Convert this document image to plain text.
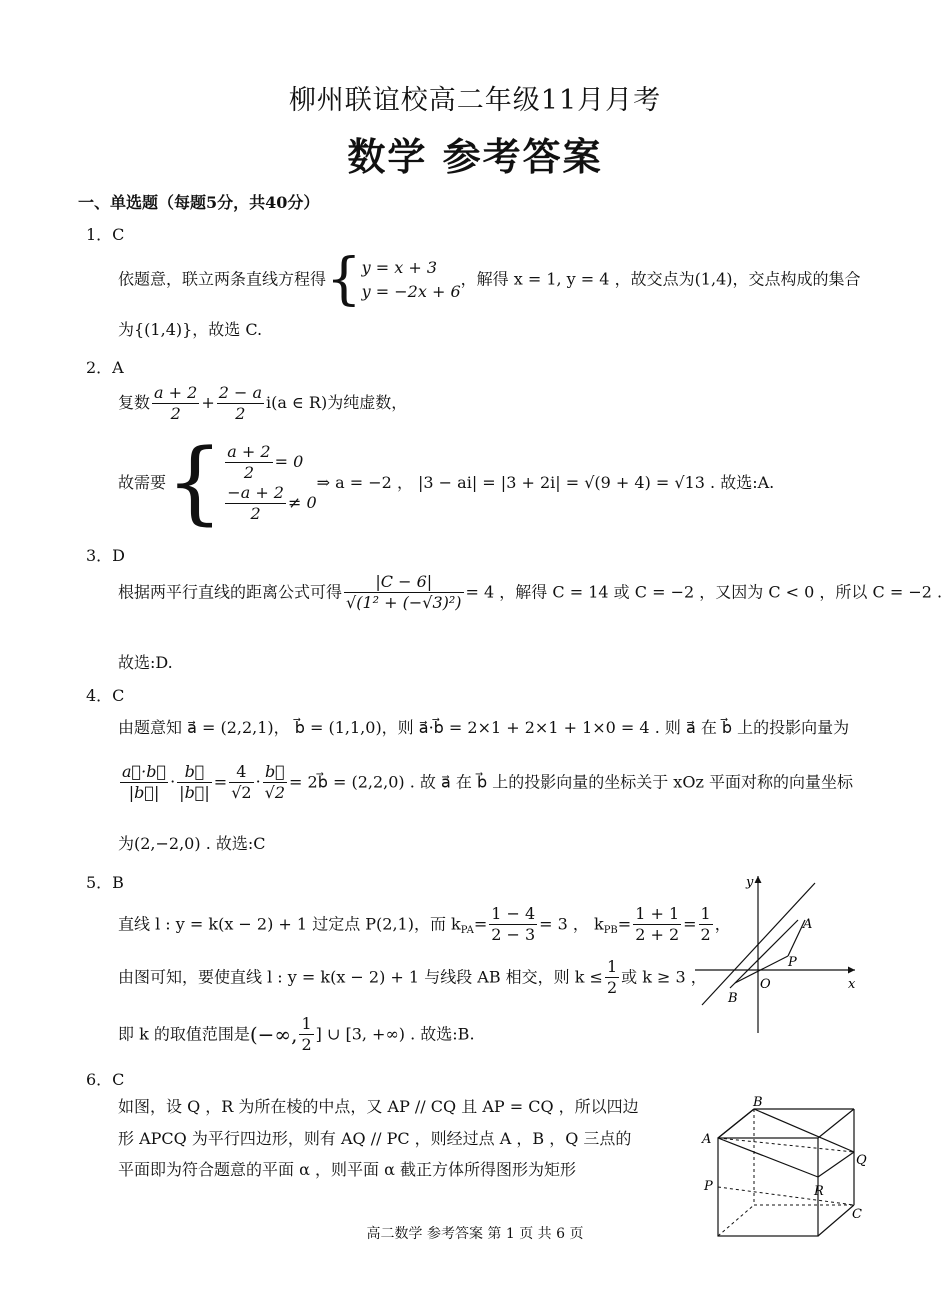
柳州联谊校高二年级11月月考
数学 参考答案
一、单选题（每题5分，共40分）
1．C
依题意，联立两条直线方程得{ y = x + 3
y = −2x + 6
，解得 x = 1, y = 4 ，故交点为(1,4)，交点构成的集合
为{(1,4)}，故选 C.
2．A
复数 $\frac{a + 2}{2} + \frac{2 - a}{2} i(a$ ∈ R)为纯虚数，
故需要{ $\frac{a + 2}{2} = 0$
$\frac{-a + 2}{2} \ne 0$
⇒ a = −2 ， |3 − ai| = |3 + 2i| = √(9 + 4) = √13 . 故选:A.
3．D
根据两平行直线的距离公式可得 $\frac{|C - 6|}{\text{√(1² + (−√3)²)}} = 4$ ，解得 C = 14 或 C = −2 ，又因为 C < 0 ，所以 C = −2 .
故选:D.
4．C
由题意知 a⃗ = (2,2,1)， b⃗ = (1,1,0)，则 a⃗·b⃗ = 2×1 + 2×1 + 1×0 = 4 . 则 a⃗ 在 b⃗ 上的投影向量为
$\frac{a⃗\cdot b⃗}{|b⃗|} \cdot \frac{b⃗}{|b⃗|} = \frac{4}{√2} \cdot \frac{b⃗}{√2}$ = 2b⃗ = (2,2,0) . 故 a⃗ 在 b⃗ 上的投影向量的坐标关于 xOz 平面对称的向量坐标
为(2,−2,0) . 故选:C
5．B
直线 l : y = k(x − 2) + 1 过定点 P(2,1)，而 $k_{PA}= \frac{1 - 4}{2 - 3} = 3$ ， $k_{PB}= \frac{1 + 1}{2 + 2} = \frac{1}{2}$ ，
由图可知，要使直线 l : y = k(x − 2) + 1 与线段 AB 相交，则 $k \le \frac{1}{2}$ 或 k ≥ 3 ，
即 k 的取值范围是(−∞, $\frac{1}{2}$ ] ∪ [3, +∞) . 故选:B.
y
x
A
P
B
O
6．C
如图，设 Q ，R 为所在棱的中点，又 AP // CQ 且 AP = CQ ，所以四边
形 APCQ 为平行四边形，则有 AQ // PC ，则经过点 A ，B ，Q 三点的
平面即为符合题意的平面 α ，则平面 α 截正方体所得图形为矩形
B
A
Q
R
P
C
高二数学 参考答案 第 1 页 共 6 页
